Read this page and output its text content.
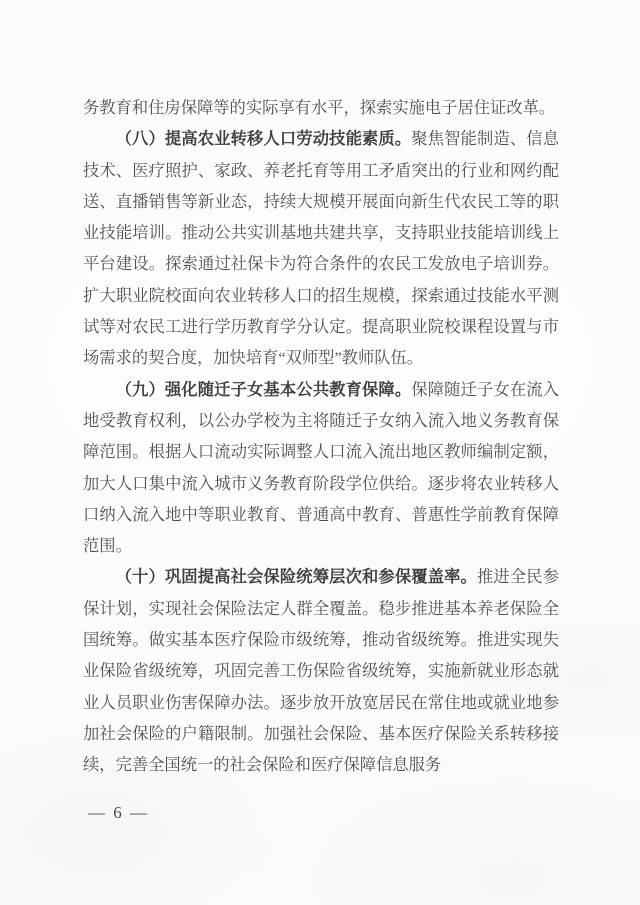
务教育和住房保障等的实际享有水平，探索实施电子居住证改革。

（八）提高农业转移人口劳动技能素质。聚焦智能制造、信息技术、医疗照护、家政、养老托育等用工矛盾突出的行业和网约配送、直播销售等新业态，持续大规模开展面向新生代农民工等的职业技能培训。推动公共实训基地共建共享，支持职业技能培训线上平台建设。探索通过社保卡为符合条件的农民工发放电子培训券。扩大职业院校面向农业转移人口的招生规模，探索通过技能水平测试等对农民工进行学历教育学分认定。提高职业院校课程设置与市场需求的契合度，加快培育“双师型”教师队伍。

（九）强化随迁子女基本公共教育保障。保障随迁子女在流入地受教育权利，以公办学校为主将随迁子女纳入流入地义务教育保障范围。根据人口流动实际调整人口流入流出地区教师编制定额，加大人口集中流入城市义务教育阶段学位供给。逐步将农业转移人口纳入流入地中等职业教育、普通高中教育、普惠性学前教育保障范围。

（十）巩固提高社会保险统筹层次和参保覆盖率。推进全民参保计划，实现社会保险法定人群全覆盖。稳步推进基本养老保险全国统筹。做实基本医疗保险市级统筹，推动省级统筹。推进实现失业保险省级统筹，巩固完善工伤保险省级统筹，实施新就业形态就业人员职业伤害保障办法。逐步放开放宽居民在常住地或就业地参加社会保险的户籍限制。加强社会保险、基本医疗保险关系转移接续，完善全国统一的社会保险和医疗保障信息服务

— 6 —
